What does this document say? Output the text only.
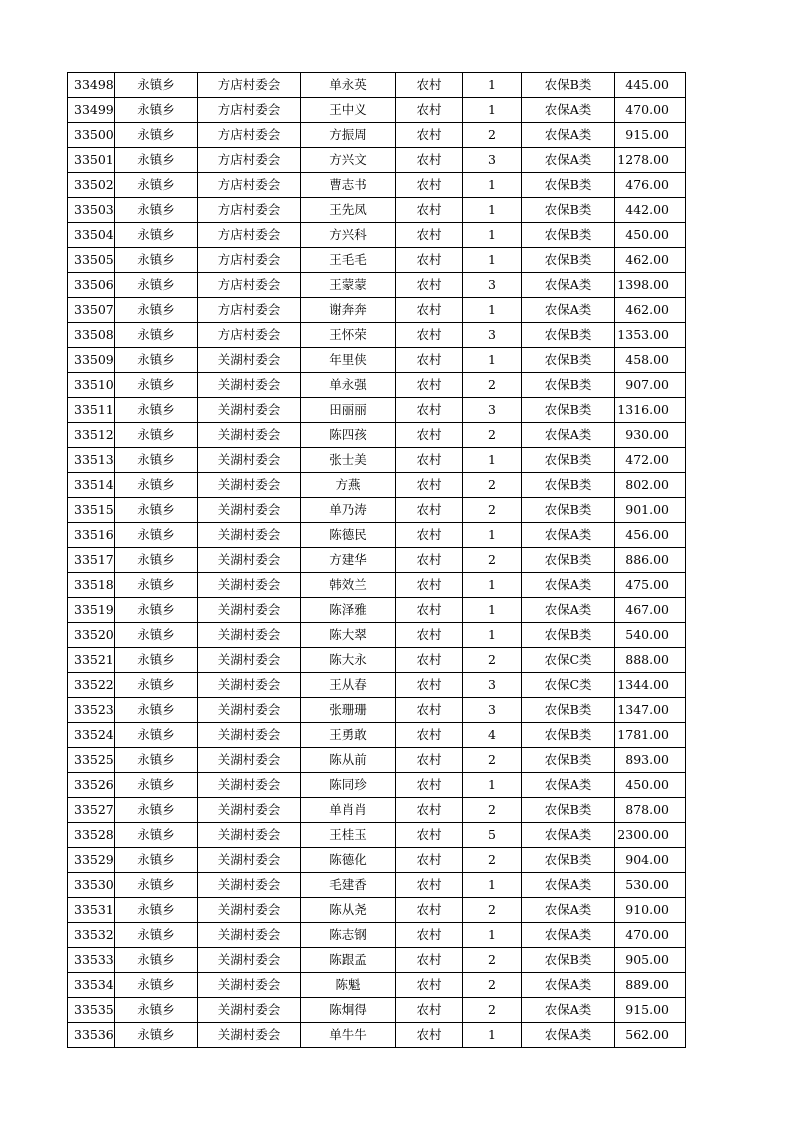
33498	永镇乡	方店村委会	单永英	农村	1	农保B类	445.00
33499	永镇乡	方店村委会	王中义	农村	1	农保A类	470.00
33500	永镇乡	方店村委会	方振周	农村	2	农保A类	915.00
33501	永镇乡	方店村委会	方兴文	农村	3	农保A类	1278.00
33502	永镇乡	方店村委会	曹志书	农村	1	农保B类	476.00
33503	永镇乡	方店村委会	王先凤	农村	1	农保B类	442.00
33504	永镇乡	方店村委会	方兴科	农村	1	农保B类	450.00
33505	永镇乡	方店村委会	王毛毛	农村	1	农保B类	462.00
33506	永镇乡	方店村委会	王蒙蒙	农村	3	农保A类	1398.00
33507	永镇乡	方店村委会	谢奔奔	农村	1	农保A类	462.00
33508	永镇乡	方店村委会	王怀荣	农村	3	农保B类	1353.00
33509	永镇乡	关湖村委会	年里侠	农村	1	农保B类	458.00
33510	永镇乡	关湖村委会	单永强	农村	2	农保B类	907.00
33511	永镇乡	关湖村委会	田丽丽	农村	3	农保B类	1316.00
33512	永镇乡	关湖村委会	陈四孩	农村	2	农保A类	930.00
33513	永镇乡	关湖村委会	张士美	农村	1	农保B类	472.00
33514	永镇乡	关湖村委会	方燕	农村	2	农保B类	802.00
33515	永镇乡	关湖村委会	单乃涛	农村	2	农保B类	901.00
33516	永镇乡	关湖村委会	陈德民	农村	1	农保A类	456.00
33517	永镇乡	关湖村委会	方建华	农村	2	农保B类	886.00
33518	永镇乡	关湖村委会	韩效兰	农村	1	农保A类	475.00
33519	永镇乡	关湖村委会	陈泽雅	农村	1	农保A类	467.00
33520	永镇乡	关湖村委会	陈大翠	农村	1	农保B类	540.00
33521	永镇乡	关湖村委会	陈大永	农村	2	农保C类	888.00
33522	永镇乡	关湖村委会	王从春	农村	3	农保C类	1344.00
33523	永镇乡	关湖村委会	张珊珊	农村	3	农保B类	1347.00
33524	永镇乡	关湖村委会	王勇敢	农村	4	农保B类	1781.00
33525	永镇乡	关湖村委会	陈从前	农村	2	农保B类	893.00
33526	永镇乡	关湖村委会	陈同珍	农村	1	农保A类	450.00
33527	永镇乡	关湖村委会	单肖肖	农村	2	农保B类	878.00
33528	永镇乡	关湖村委会	王桂玉	农村	5	农保A类	2300.00
33529	永镇乡	关湖村委会	陈德化	农村	2	农保B类	904.00
33530	永镇乡	关湖村委会	毛建香	农村	1	农保A类	530.00
33531	永镇乡	关湖村委会	陈从尧	农村	2	农保A类	910.00
33532	永镇乡	关湖村委会	陈志钢	农村	1	农保A类	470.00
33533	永镇乡	关湖村委会	陈跟孟	农村	2	农保B类	905.00
33534	永镇乡	关湖村委会	陈魁	农村	2	农保A类	889.00
33535	永镇乡	关湖村委会	陈炯得	农村	2	农保A类	915.00
33536	永镇乡	关湖村委会	单牛牛	农村	1	农保A类	562.00
